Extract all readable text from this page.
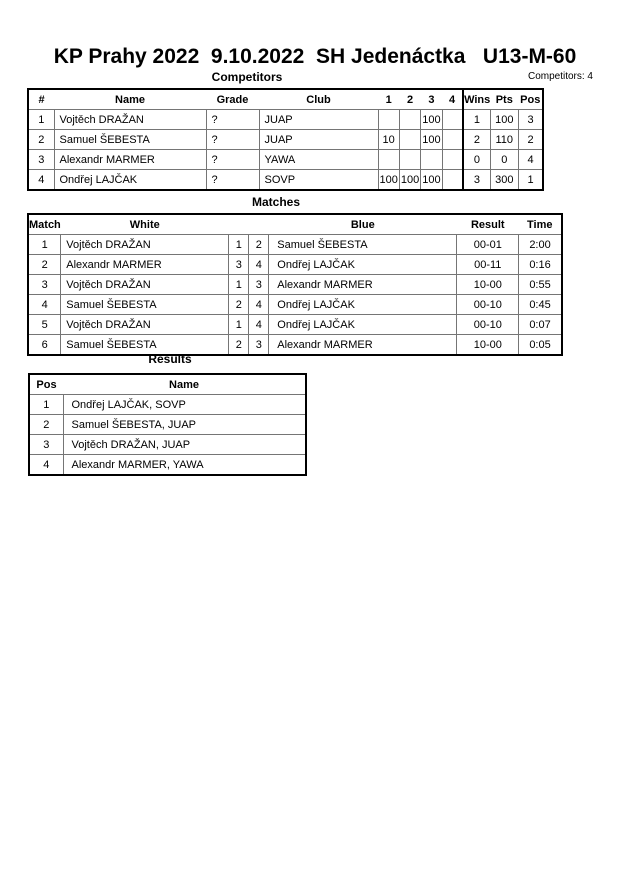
KP Prahy 2022  9.10.2022  SH Jedenáctka   U13-M-60
Competitors	Competitors: 4
#	Name	Grade	Club	1	2	3	4	Wins	Pts	Pos
1	Vojtěch DRAŽAN	?	JUAP			100		1	100	3
2	Samuel ŠEBESTA	?	JUAP	10		100		2	110	2
3	Alexandr MARMER	?	YAWA					0	0	4
4	Ondřej LAJČAK	?	SOVP	100	100	100		3	300	1
Matches
Match	White			Blue	Result	Time
1	Vojtěch DRAŽAN	1	2	Samuel ŠEBESTA	00-01	2:00
2	Alexandr MARMER	3	4	Ondřej LAJČAK	00-11	0:16
3	Vojtěch DRAŽAN	1	3	Alexandr MARMER	10-00	0:55
4	Samuel ŠEBESTA	2	4	Ondřej LAJČAK	00-10	0:45
5	Vojtěch DRAŽAN	1	4	Ondřej LAJČAK	00-10	0:07
6	Samuel ŠEBESTA	2	3	Alexandr MARMER	10-00	0:05
Results
Pos	Name
1	Ondřej LAJČAK, SOVP
2	Samuel ŠEBESTA, JUAP
3	Vojtěch DRAŽAN, JUAP
4	Alexandr MARMER, YAWA
